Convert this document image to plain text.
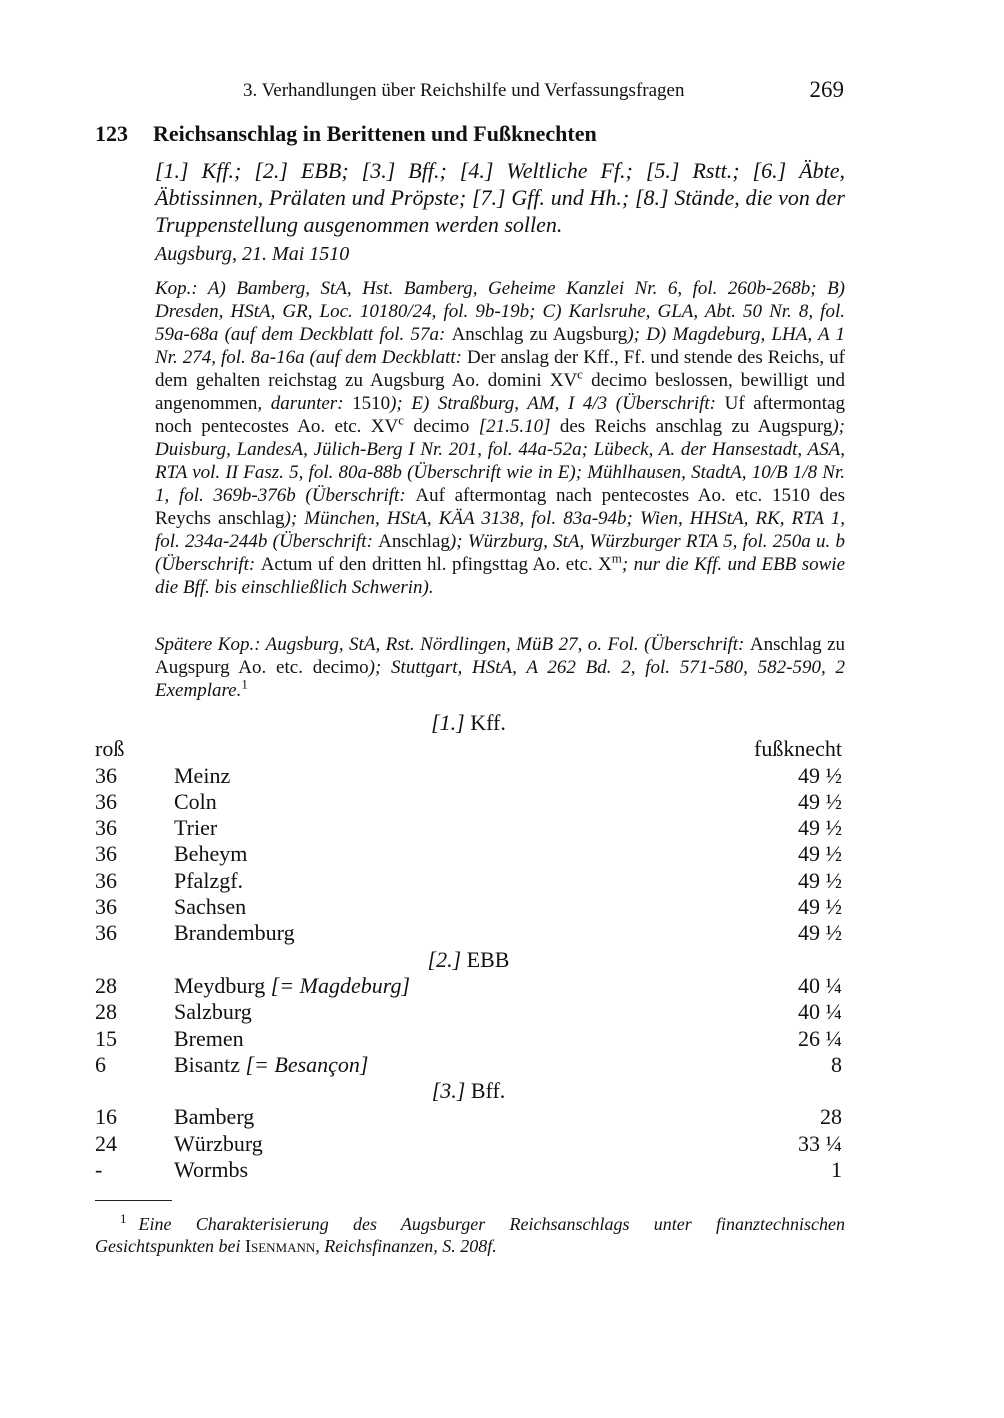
3. Verhandlungen über Reichshilfe und Verfassungsfragen	269
123 Reichsanschlag in Berittenen und Fußknechten
[1.] Kff.; [2.] EBB; [3.] Bff.; [4.] Weltliche Ff.; [5.] Rstt.; [6.] Äbte, Äbtissinnen, Prälaten und Pröpste; [7.] Gff. und Hh.; [8.] Stände, die von der Truppenstellung ausgenommen werden sollen.
Augsburg, 21. Mai 1510
Kop.: A) Bamberg, StA, Hst. Bamberg, Geheime Kanzlei Nr. 6, fol. 260b-268b; B) Dresden, HStA, GR, Loc. 10180/24, fol. 9b-19b; C) Karlsruhe, GLA, Abt. 50 Nr. 8, fol. 59a-68a (auf dem Deckblatt fol. 57a: Anschlag zu Augsburg); D) Magdeburg, LHA, A 1 Nr. 274, fol. 8a-16a (auf dem Deckblatt: Der anslag der Kff., Ff. und stende des Reichs, uf dem gehalten reichstag zu Augsburg Ao. domini $XV^c$ decimo beslossen, bewilligt und angenommen, darunter: 1510); E) Straßburg, AM, I 4/3 (Überschrift: Uf aftermontag noch pentecostes Ao. etc. $XV^c$ decimo [21.5.10] des Reichs anschlag zu Augspurg); Duisburg, LandesA, Jülich-Berg I Nr. 201, fol. 44a-52a; Lübeck, A. der Hansestadt, ASA, RTA vol. II Fasz. 5, fol. 80a-88b (Überschrift wie in E); Mühlhausen, StadtA, 10/B 1/8 Nr. 1, fol. 369b-376b (Überschrift: Auf aftermontag nach pentecostes Ao. etc. 1510 des Reychs anschlag); München, HStA, KÄA 3138, fol. 83a-94b; Wien, HHStA, RK, RTA 1, fol. 234a-244b (Überschrift: Anschlag); Würzburg, StA, Würzburger RTA 5, fol. 250a u. b (Überschrift: Actum uf den dritten hl. pfingsttag Ao. etc. $X^m$; nur die Kff. und EBB sowie die Bff. bis einschließlich Schwerin).
Spätere Kop.: Augsburg, StA, Rst. Nördlingen, MüB 27, o. Fol. (Überschrift: Anschlag zu Augspurg Ao. etc. decimo); Stuttgart, HStA, A 262 Bd. 2, fol. 571-580, 582-590, 2 Exemplare.$^1$
[1.] Kff.
roß	fußknecht
36	Meinz	49 ½
36	Coln	49 ½
36	Trier	49 ½
36	Beheym	49 ½
36	Pfalzgf.	49 ½
36	Sachsen	49 ½
36	Brandemburg	49 ½
[2.] EBB
28	Meydburg [= Magdeburg]	40 ¼
28	Salzburg	40 ¼
15	Bremen	26 ¼
6	Bisantz [= Besançon]	8
[3.] Bff.
16	Bamberg	28
24	Würzburg	33 ¼
-	Wormbs	1
$^1$ Eine Charakterisierung des Augsburger Reichsanschlags unter finanztechnischen Gesichtspunkten bei Isenmann, Reichsfinanzen, S. 208f.
